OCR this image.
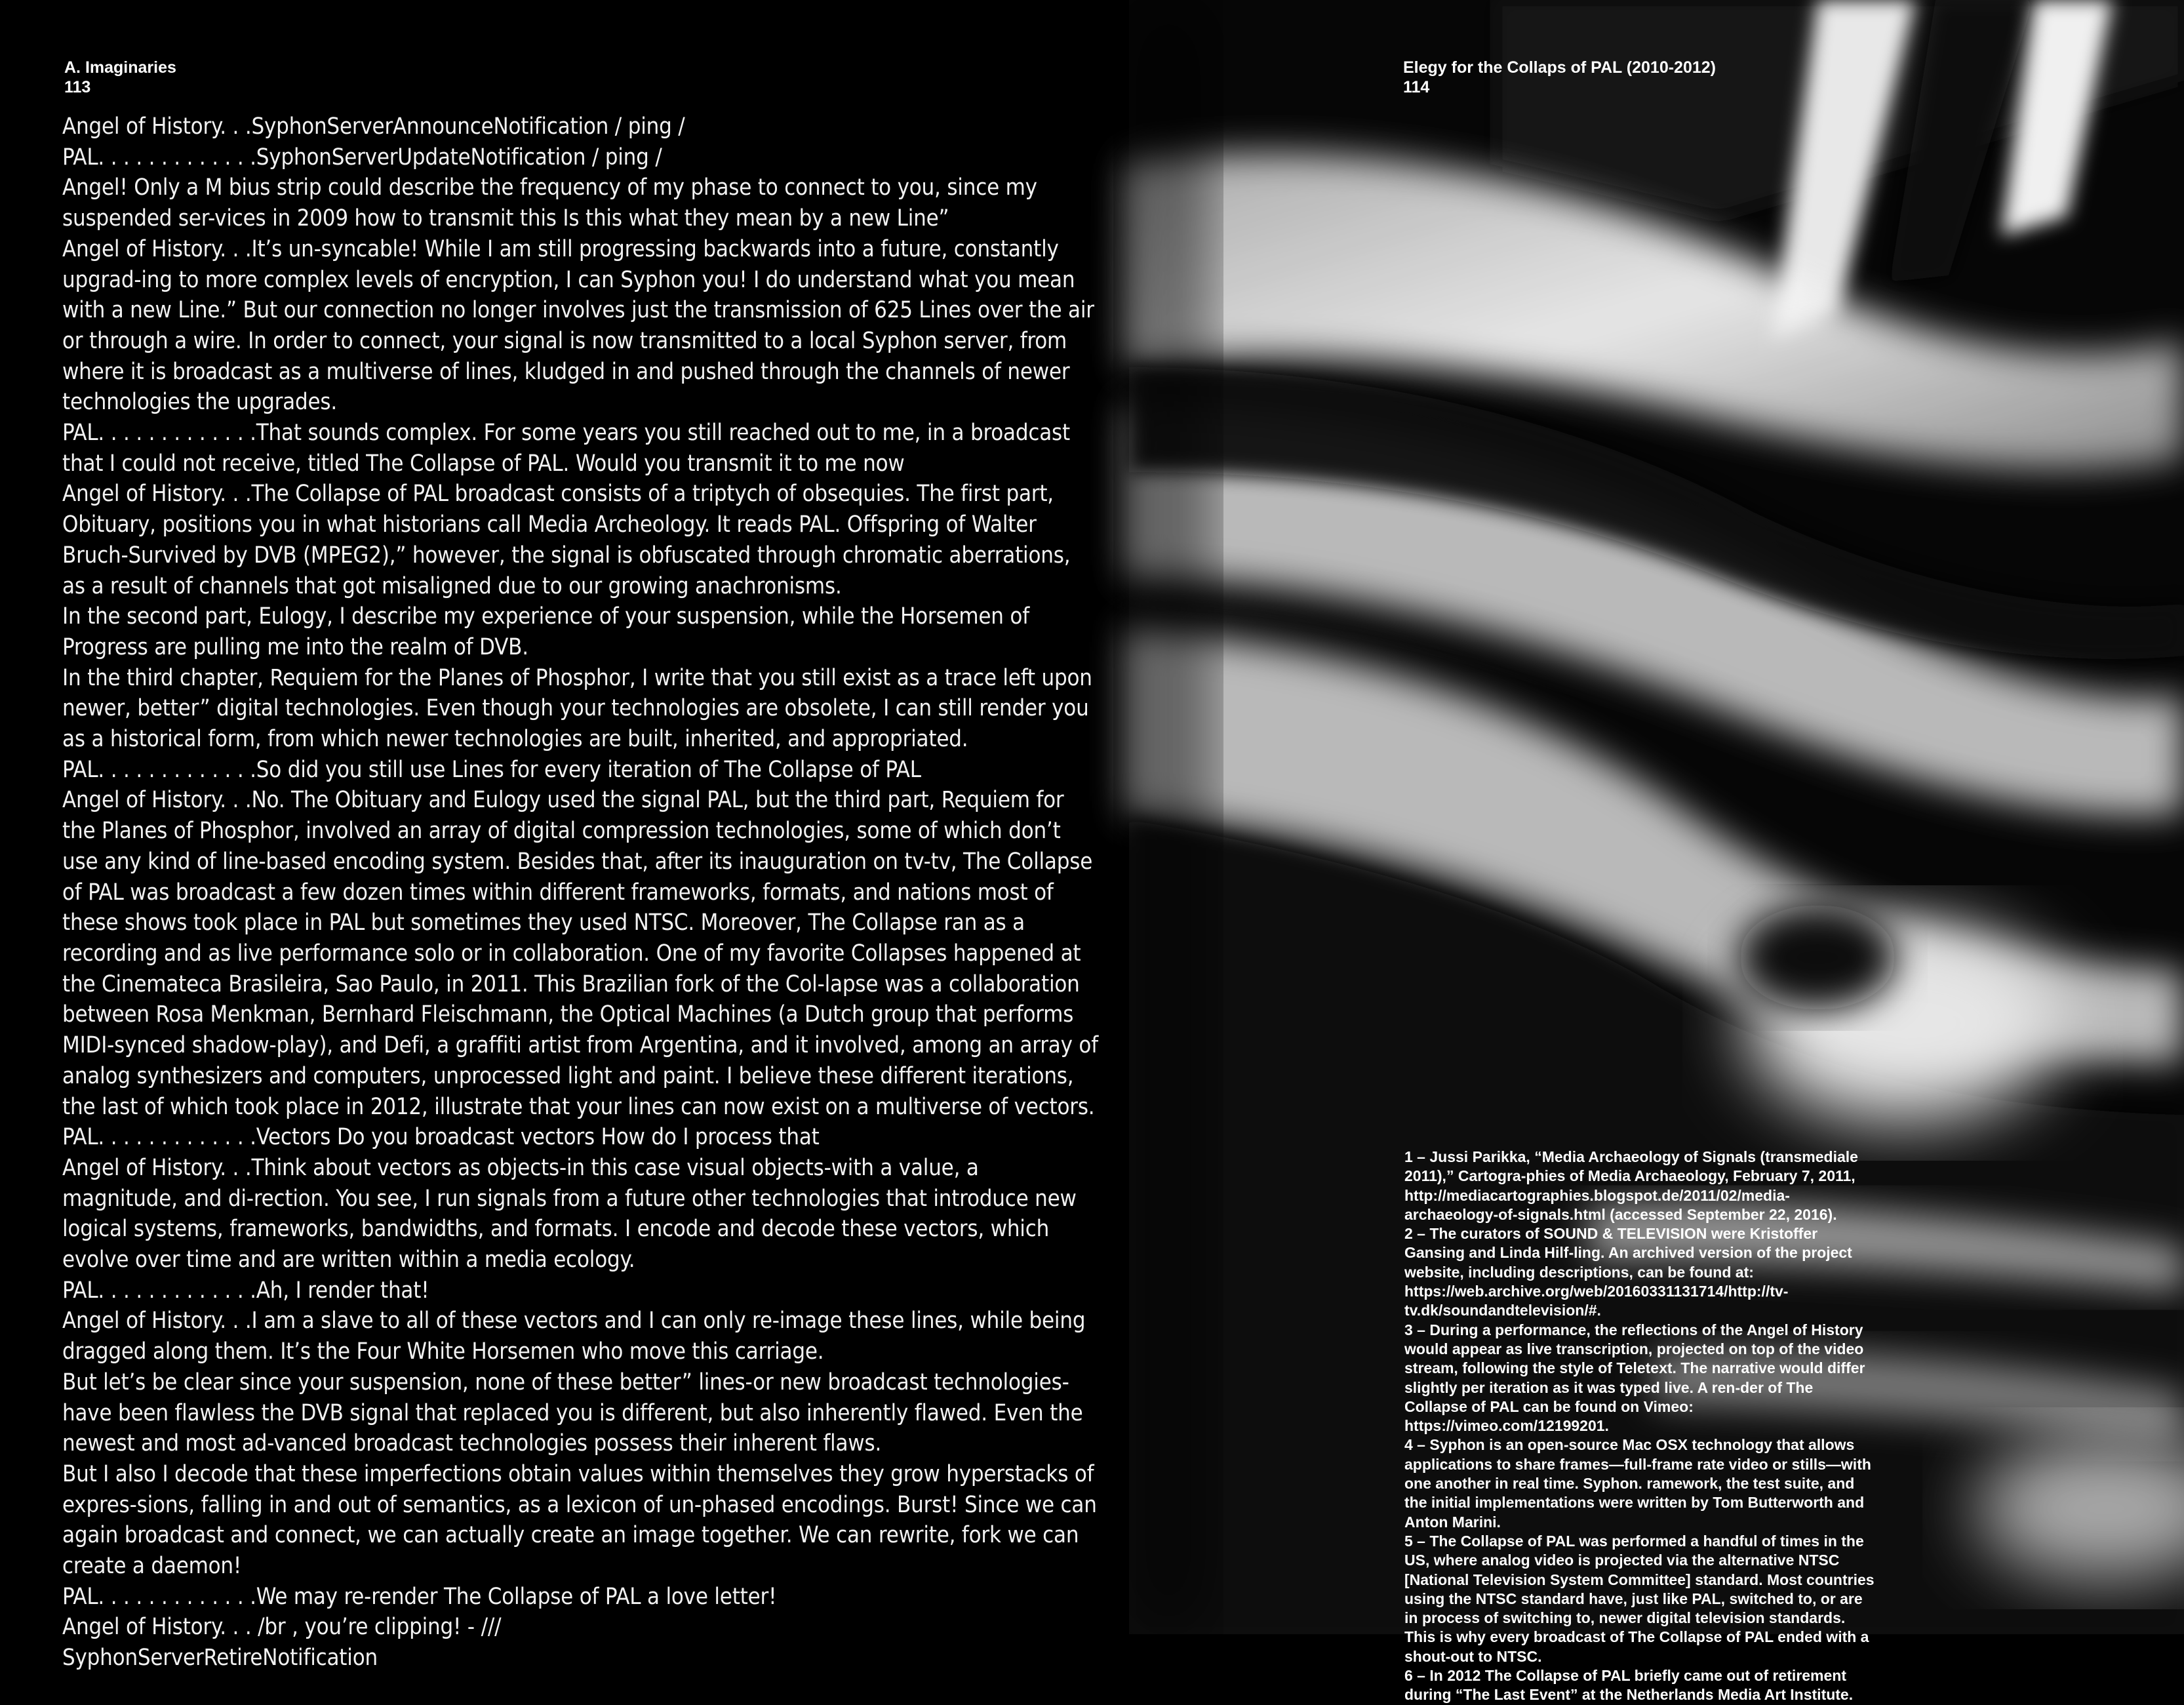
A. Imaginaries
113
Angel of History. . .SyphonServerAnnounceNotification / ping /
PAL. . . . . . . . . . . . .SyphonServerUpdateNotification / ping /
Angel! Only a M bius strip could describe the frequency of my phase to connect to you, since my suspended ser-vices in 2009 how to transmit this Is this what they mean by a new Line”
Angel of History. . .It’s un-syncable! While I am still progressing backwards into a future, constantly upgrad-ing to more complex levels of encryption, I can Syphon you! I do understand what you mean with a new Line.” But our connection no longer involves just the transmission of 625 Lines over the air or through a wire. In order to connect, your signal is now transmitted to a local Syphon server, from where it is broadcast as a multiverse of lines, kludged in and pushed through the channels of newer technologies the upgrades.
PAL. . . . . . . . . . . . .That sounds complex. For some years you still reached out to me, in a broadcast that I could not receive, titled The Collapse of PAL. Would you transmit it to me now
Angel of History. . .The Collapse of PAL broadcast consists of a triptych of obsequies. The first part, Obituary, positions you in what historians call Media Archeology. It reads PAL. Offspring of Walter Bruch-Survived by DVB (MPEG2),” however, the signal is obfuscated through chromatic aberrations, as a result of channels that got misaligned due to our growing anachronisms.
In the second part, Eulogy, I describe my experience of your suspension, while the Horsemen of Progress are pulling me into the realm of DVB.
In the third chapter, Requiem for the Planes of Phosphor, I write that you still exist as a trace left upon newer, better” digital technologies. Even though your technologies are obsolete, I can still render you as a historical form, from which newer technologies are built, inherited, and appropriated.
PAL. . . . . . . . . . . . .So did you still use Lines for every iteration of The Collapse of PAL
Angel of History. . .No. The Obituary and Eulogy used the signal PAL, but the third part, Requiem for the Planes of Phosphor, involved an array of digital compression technologies, some of which don’t use any kind of line-based encoding system. Besides that, after its inauguration on tv-tv, The Collapse of PAL was broadcast a few dozen times within different frameworks, formats, and nations most of these shows took place in PAL but sometimes they used NTSC. Moreover, The Collapse ran as a recording and as live performance solo or in collaboration. One of my favorite Collapses happened at the Cinemateca Brasileira, Sao Paulo, in 2011. This Brazilian fork of the Col-lapse was a collaboration between Rosa Menkman, Bernhard Fleischmann, the Optical Machines (a Dutch group that performs MIDI-synced shadow-play), and Defi, a graffiti artist from Argentina, and it involved, among an array of analog synthesizers and computers, unprocessed light and paint. I believe these different iterations, the last of which took place in 2012, illustrate that your lines can now exist on a multiverse of vectors.
PAL. . . . . . . . . . . . .Vectors Do you broadcast vectors How do I process that
Angel of History. . .Think about vectors as objects-in this case visual objects-with a value, a magnitude, and di-rection. You see, I run signals from a future other technologies that introduce new logical systems, frameworks, bandwidths, and formats. I encode and decode these vectors, which evolve over time and are written within a media ecology.
PAL. . . . . . . . . . . . .Ah, I render that!
Angel of History. . .I am a slave to all of these vectors and I can only re-image these lines, while being dragged along them. It’s the Four White Horsemen who move this carriage.
But let’s be clear since your suspension, none of these better” lines-or new broadcast technologies-have been flawless the DVB signal that replaced you is different, but also inherently flawed. Even the newest and most ad-vanced broadcast technologies possess their inherent flaws.
But I also I decode that these imperfections obtain values within themselves they grow hyperstacks of expres-sions, falling in and out of semantics, as a lexicon of un-phased encodings. Burst! Since we can again broadcast and connect, we can actually create an image together. We can rewrite, fork we can create a daemon!
PAL. . . . . . . . . . . . .We may re-render The Collapse of PAL a love letter!
Angel of History. . . /br , you’re clipping! - ///
SyphonServerRetireNotification
Elegy for the Collaps of PAL (2010-2012)
114
1 – Jussi Parikka, “Media Archaeology of Signals (transmediale 2011),” Cartogra-phies of Media Archaeology, February 7, 2011, http://mediacartographies.blogspot.de/2011/02/media-archaeology-of-signals.html (accessed September 22, 2016).
2 – The curators of SOUND & TELEVISION were Kristoffer Gansing and Linda Hilf-ling. An archived version of the project website, including descriptions, can be found at:
https://web.archive.org/web/20160331131714/http://tv-tv.dk/soundandtelevision/#.
3 – During a performance, the reflections of the Angel of History would appear as live transcription, projected on top of the video stream, following the style of Teletext. The narrative would differ slightly per iteration as it was typed live. A ren-der of The Collapse of PAL can be found on Vimeo: https://vimeo.com/12199201.
4 – Syphon is an open-source Mac OSX technology that allows applications to share frames—full-frame rate video or stills—with one another in real time. Syphon. ramework, the test suite, and the initial implementations were written by Tom Butterworth and Anton Marini.
5 – The Collapse of PAL was performed a handful of times in the US, where analog video is projected via the alternative NTSC [National Television System Committee] standard. Most countries using the NTSC standard have, just like PAL, switched to, or are in process of switching to, newer digital television standards. This is why every broadcast of The Collapse of PAL ended with a shout-out to NTSC.
6 – In 2012 The Collapse of PAL briefly came out of retirement during “The Last Event” at the Netherlands Media Art Institute.
